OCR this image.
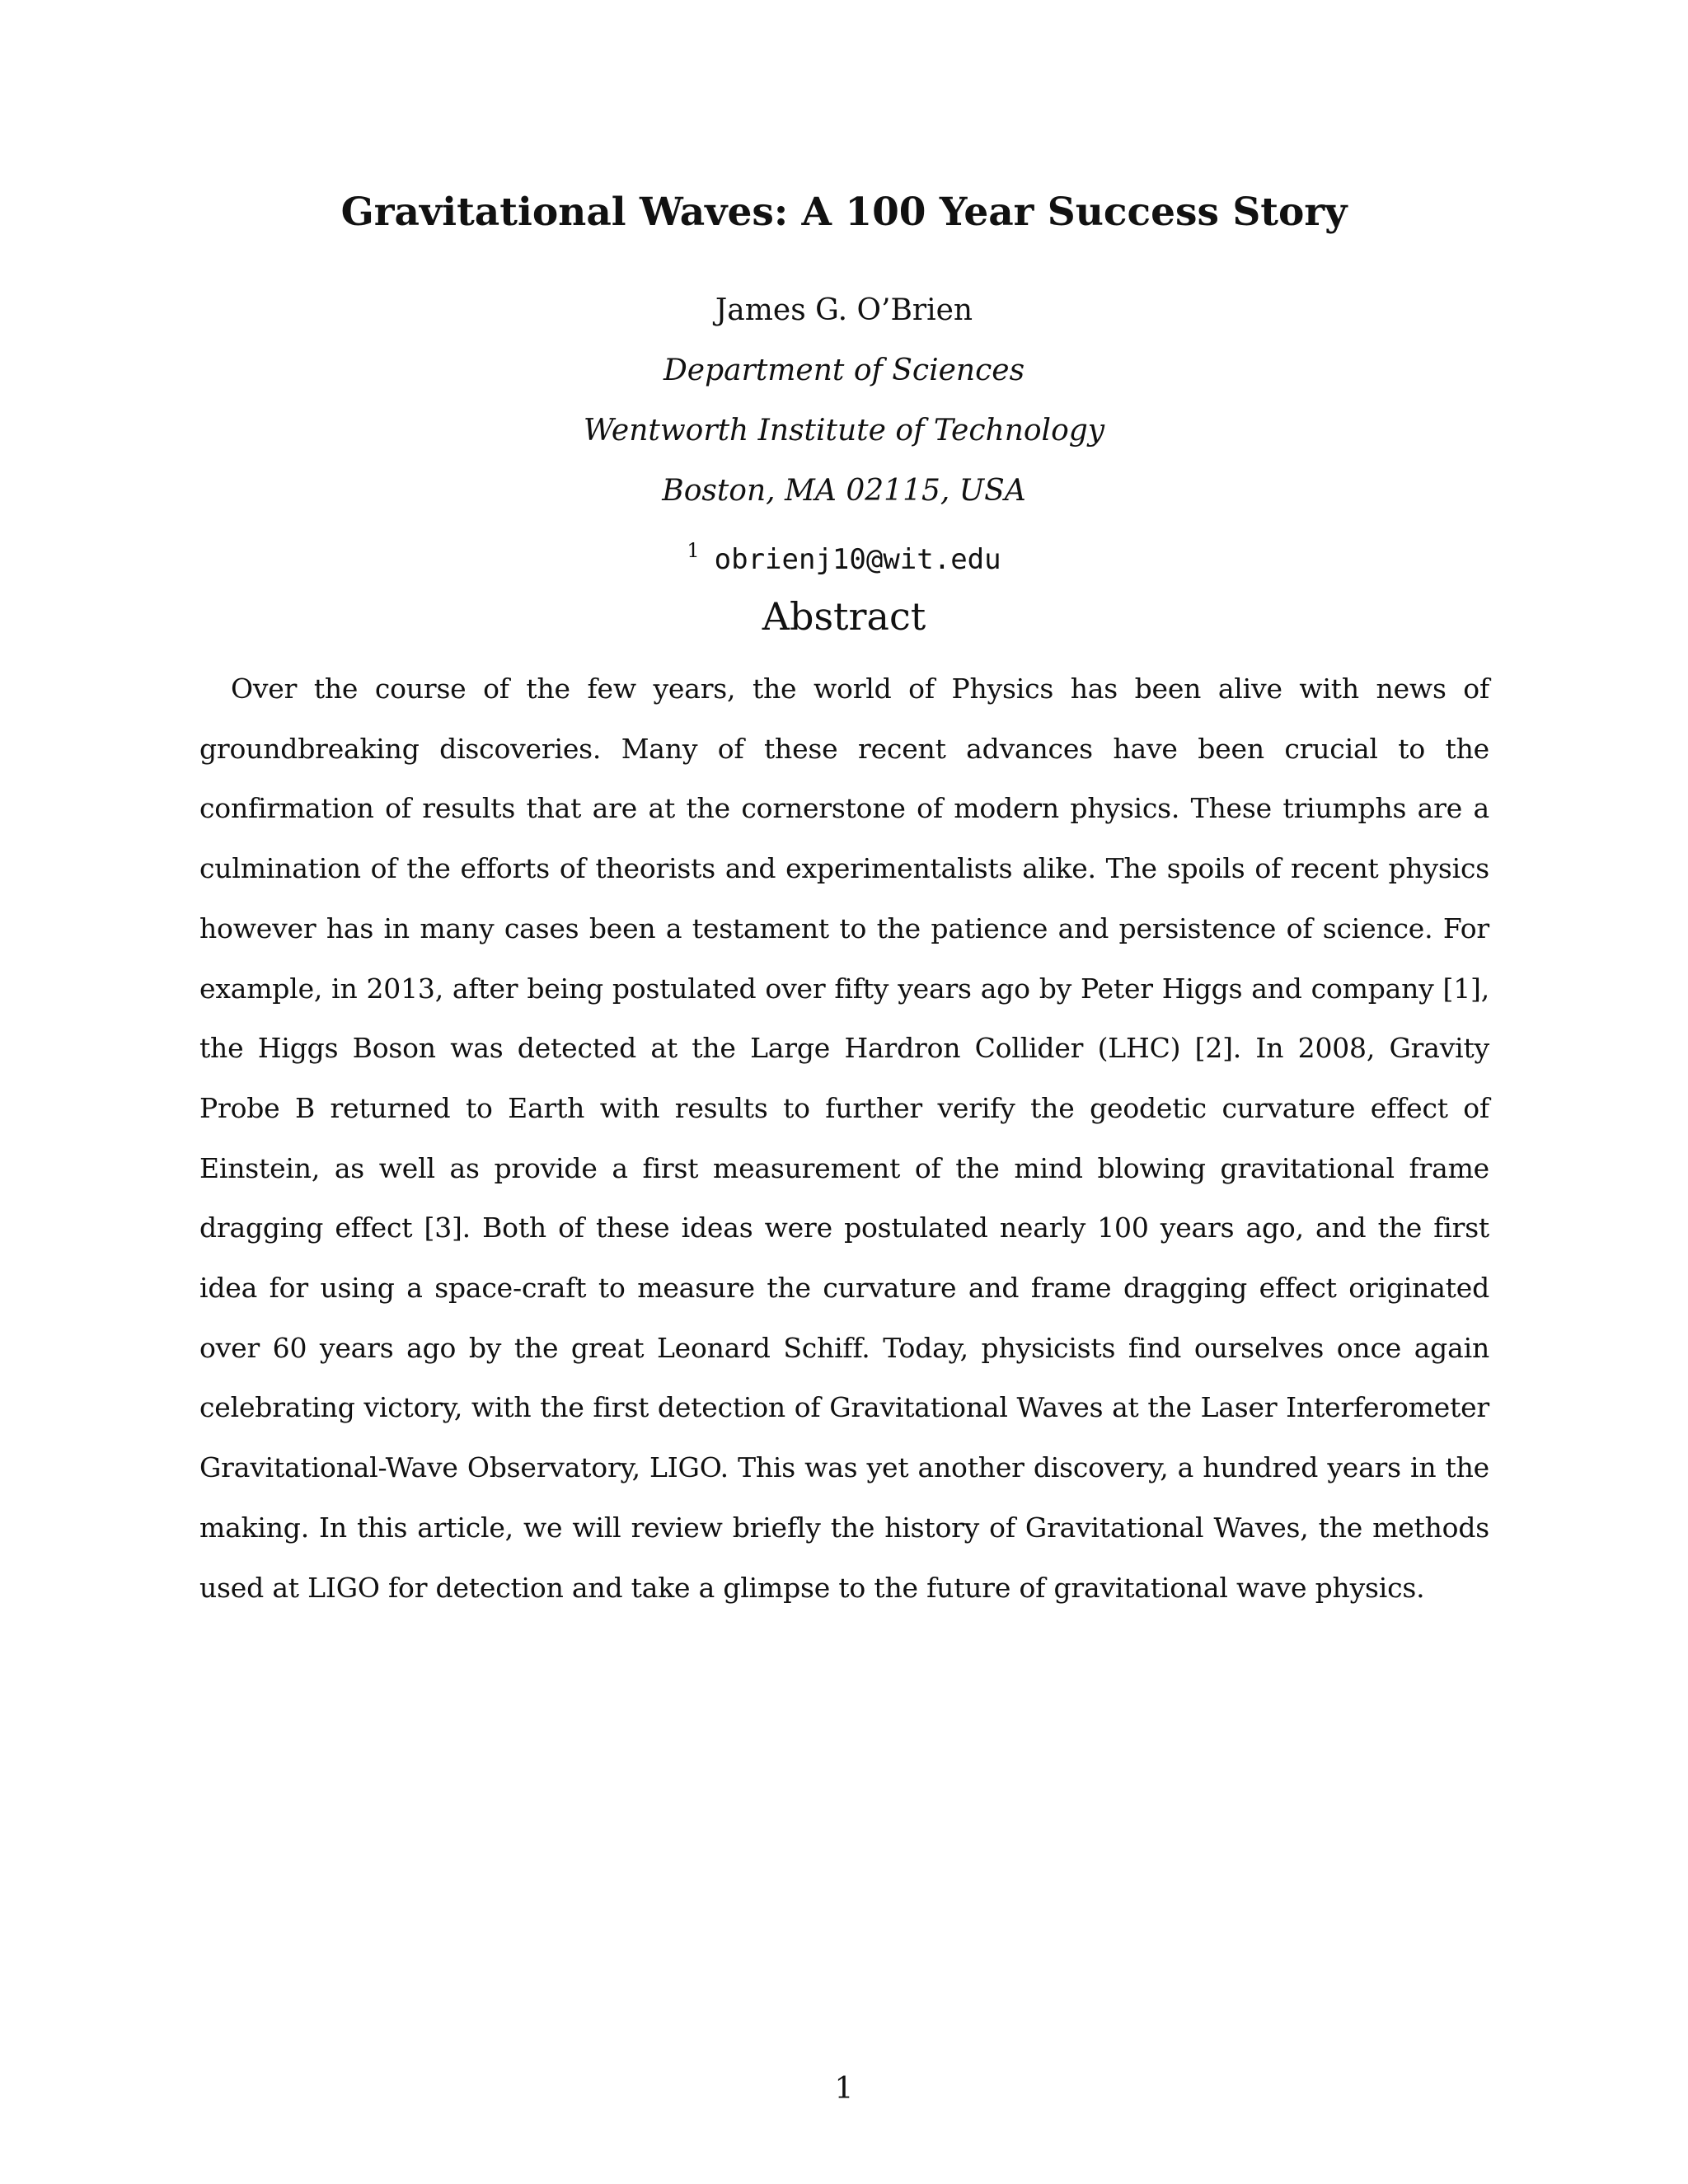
Gravitational Waves: A 100 Year Success Story
James G. O’Brien
Department of Sciences
Wentworth Institute of Technology
Boston, MA 02115, USA
$^1$ obrienj10@wit.edu
Abstract

Over the course of the few years, the world of Physics has been alive with news of groundbreaking discoveries. Many of these recent advances have been crucial to the confirmation of results that are at the cornerstone of modern physics. These triumphs are a culmination of the efforts of theorists and experimentalists alike. The spoils of recent physics however has in many cases been a testament to the patience and persistence of science. For example, in 2013, after being postulated over fifty years ago by Peter Higgs and company [1], the Higgs Boson was detected at the Large Hardron Collider (LHC) [2]. In 2008, Gravity Probe B returned to Earth with results to further verify the geodetic curvature effect of Einstein, as well as provide a first measurement of the mind blowing gravitational frame dragging effect [3]. Both of these ideas were postulated nearly 100 years ago, and the first idea for using a space-craft to measure the curvature and frame dragging effect originated over 60 years ago by the great Leonard Schiff. Today, physicists find ourselves once again celebrating victory, with the first detection of Gravitational Waves at the Laser Interferometer Gravitational-Wave Observatory, LIGO. This was yet another discovery, a hundred years in the making. In this article, we will review briefly the history of Gravitational Waves, the methods used at LIGO for detection and take a glimpse to the future of gravitational wave physics.

1
